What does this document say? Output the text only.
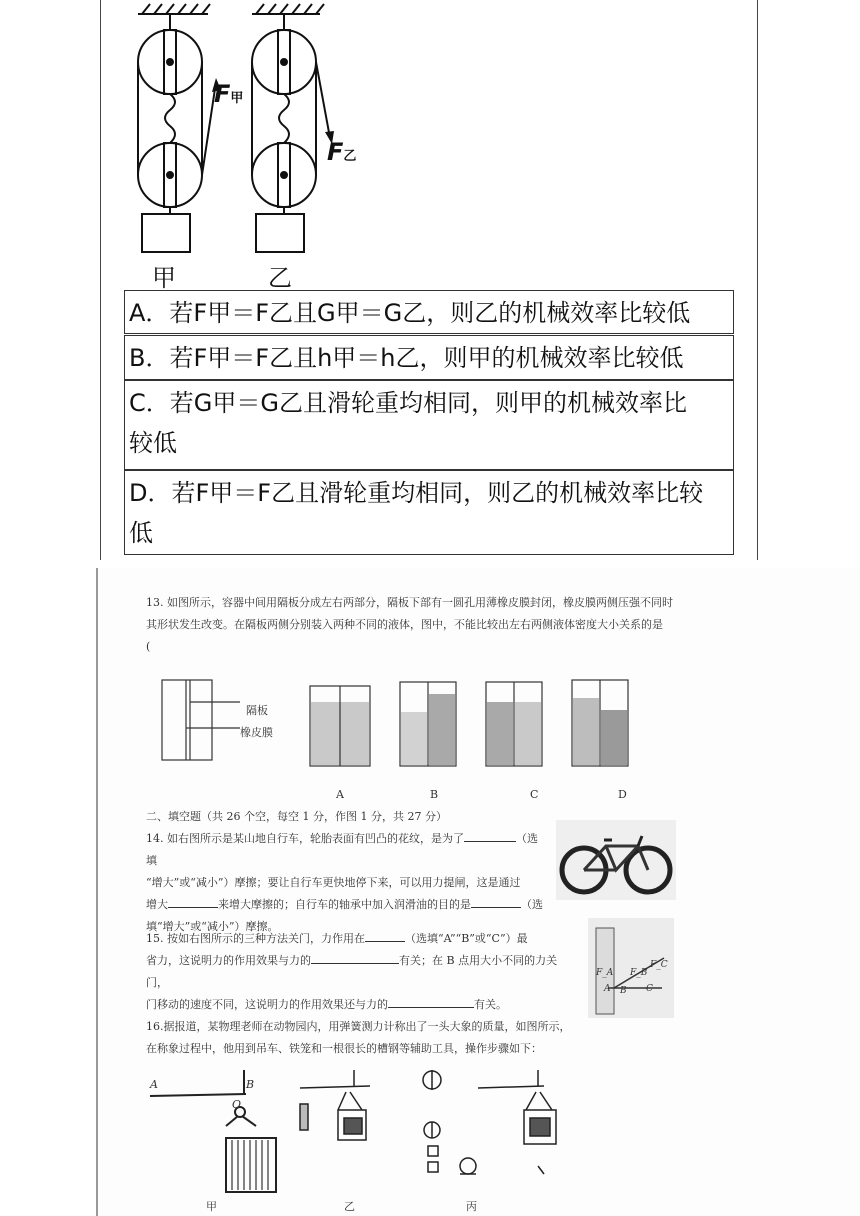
F甲
F乙
甲	乙
A．若F甲＝F乙且G甲＝G乙，则乙的机械效率比较低
B．若F甲＝F乙且h甲＝h乙，则甲的机械效率比较低
C．若G甲＝G乙且滑轮重均相同，则甲的机械效率比
较低
D．若F甲＝F乙且滑轮重均相同，则乙的机械效率比较
低
13. 如图所示，容器中间用隔板分成左右两部分，隔板下部有一圆孔用薄橡皮膜封闭，橡皮膜两侧压强不同时
其形状发生改变。在隔板两侧分别装入两种不同的液体，图中，不能比较出左右两侧液体密度大小关系的是
(
隔板
橡皮膜
A	B	C	D
二、填空题（共 26 个空，每空 1 分，作图 1 分，共 27 分）
14. 如右图所示是某山地自行车，轮胎表面有凹凸的花纹，是为了	（选填
“增大”或“减小”）摩擦；要让自行车更快地停下来，可以用力提闸，这是通过
增大	来增大摩擦的；自行车的轴承中加入润滑油的目的是	（选
填“增大”或“减小”）摩擦。
15. 按如右图所示的三种方法关门，力作用在	（选填“A”“B”或“C”）最
省力，这说明力的作用效果与力的	有关；在 B 点用大小不同的力关门，
门移动的速度不同，这说明力的作用效果还与力的	有关。
F_A
A B
F_B
C
F_C
16.据报道，某物理老师在动物园内，用弹簧测力计称出了一头大象的质量，如图所示，
在称象过程中，他用到吊车、铁笼和一根很长的槽钢等辅助工具，操作步骤如下：
A	B
O
甲	乙	丙
